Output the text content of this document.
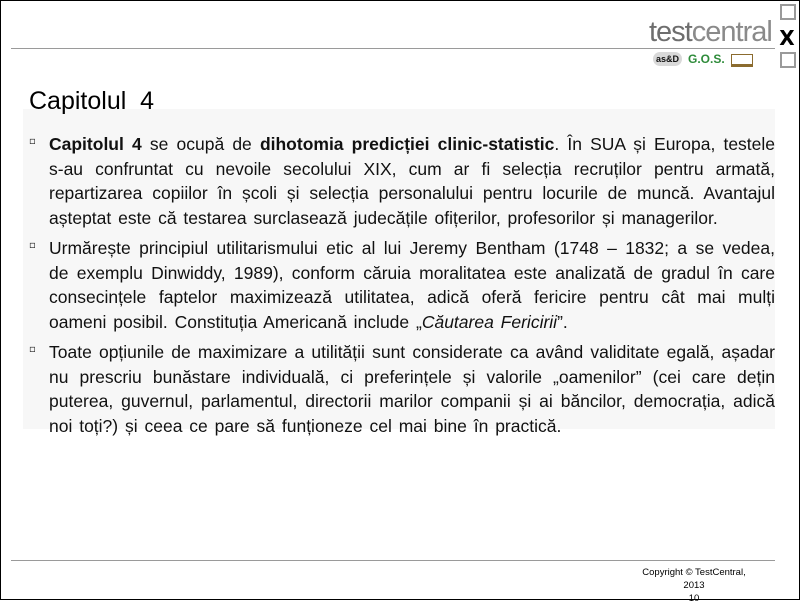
testcentral
as&D G.O.S.
X
Capitolul  4
▫ Capitolul 4 se ocupă de dihotomia predicției clinic-statistic. În SUA și Europa, testele s-au confruntat cu nevoile secolului XIX, cum ar fi selecția recruților pentru armată, repartizarea copiilor în școli și selecția personalului pentru locurile de muncă. Avantajul așteptat este că testarea surclasează judecățile ofițerilor, profesorilor și managerilor.
▫ Urmărește principiul utilitarismului etic al lui Jeremy Bentham (1748 – 1832; a se vedea, de exemplu Dinwiddy, 1989), conform căruia moralitatea este analizată de gradul în care consecințele faptelor maximizează utilitatea, adică oferă fericire pentru cât mai mulți oameni posibil. Constituția Americană include „Căutarea Fericirii”.
▫ Toate opțiunile de maximizare a utilității sunt considerate ca având validitate egală, așadar nu prescriu bunăstare individuală, ci preferințele și valorile „oamenilor” (cei care dețin puterea, guvernul, parlamentul, directorii marilor companii și ai băncilor, democrația, adică noi toți?) și ceea ce pare să funționeze cel mai bine în practică.
Copyright © TestCentral, 2013
10
